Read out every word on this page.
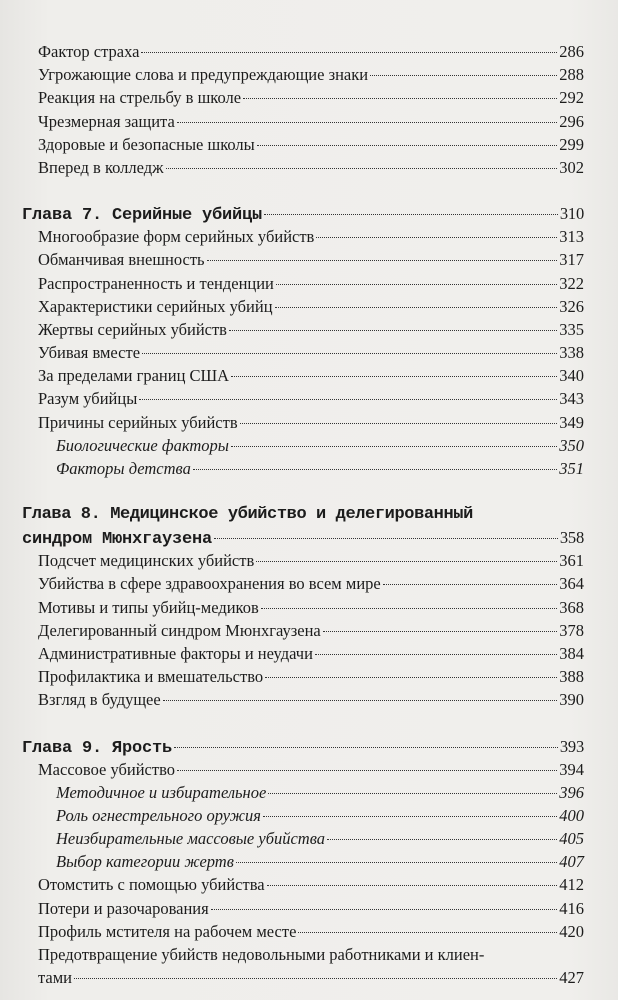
Фактор страха	286
Угрожающие слова и предупреждающие знаки	288
Реакция на стрельбу в школе	292
Чрезмерная защита	296
Здоровые и безопасные школы	299
Вперед в колледж	302
Глава 7. Серийные убийцы	310
Многообразие форм серийных убийств	313
Обманчивая внешность	317
Распространенность и тенденции	322
Характеристики серийных убийц	326
Жертвы серийных убийств	335
Убивая вместе	338
За пределами границ США	340
Разум убийцы	343
Причины серийных убийств	349
Биологические факторы	350
Факторы детства	351
Глава 8. Медицинское убийство и делегированный
синдром Мюнхгаузена	358
Подсчет медицинских убийств	361
Убийства в сфере здравоохранения во всем мире	364
Мотивы и типы убийц-медиков	368
Делегированный синдром Мюнхгаузена	378
Административные факторы и неудачи	384
Профилактика и вмешательство	388
Взгляд в будущее	390
Глава 9. Ярость	393
Массовое убийство	394
Методичное и избирательное	396
Роль огнестрельного оружия	400
Неизбирательные массовые убийства	405
Выбор категории жертв	407
Отомстить с помощью убийства	412
Потери и разочарования	416
Профиль мстителя на рабочем месте	420
Предотвращение убийств недовольными работниками и клиен-
тами	427
